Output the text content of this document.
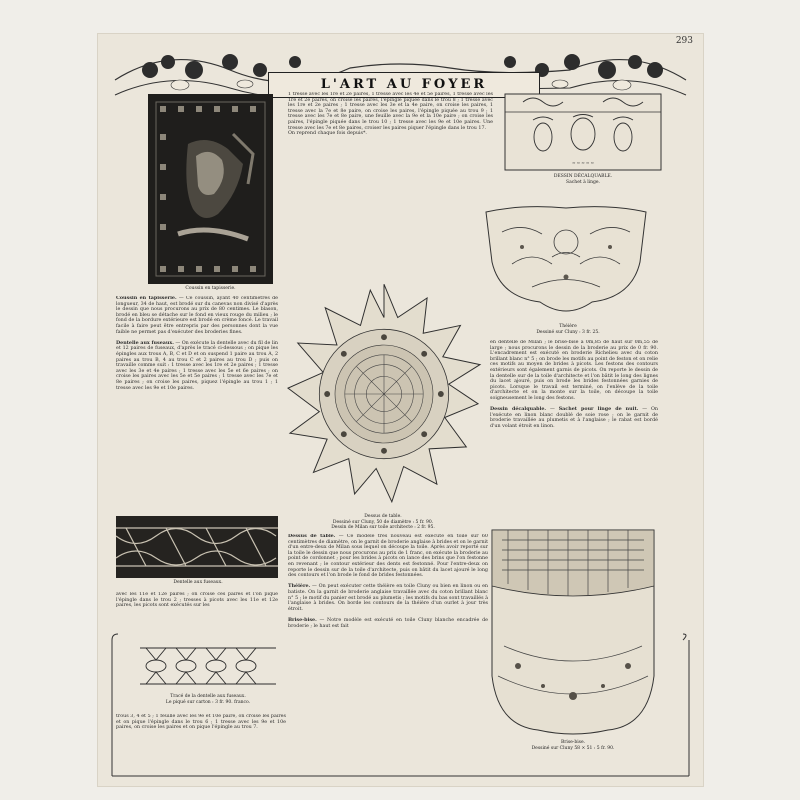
293
L'ART AU FOYER
Coussin en tapisserie.
≈ ≈ ≈ ≈ ≈
DESSIN DÉCALQUABLE.
Sachet à linge.
Théière
Dessiné sur Cluny : 3 fr. 25.
Dessus de table.
Dessiné sur Cluny, 50 de diamètre : 5 fr. 90.
Dessin de Milan sur toile architecte : 2 fr. 95.
Dentelle aux fuseaux.
Tracé de la dentelle aux fuseaux.
Le piqué sur carton : 3 fr. 90. franco.
Brise-bise.
Dessiné sur Cluny 58 × 51 : 5 fr. 90.
Coussin en tapisserie. — Ce coussin, ayant 40 centimètres de longueur, 34 de haut, est brodé sur du canevas non divisé d'après le dessin que nous procurons au prix de 80 centimes. Le blason, brodé en bleu se détache sur le fond en vieux rouge du milieu ; le fond de la bordure extérieure est brodé en crème foncé. Le travail facile à faire peut être entrepris par des personnes dont la vue faible ne permet pas d'exécuter des broderies fines.

Dentelle aux fuseaux. — On exécute la dentelle avec du fil de lin et 12 paires de fuseaux, d'après le tracé ci-dessous ; on pique les épingles aux trous A, B, C et D et on suspend 1 paire au trou A, 2 paires au trou B, 4 au trou C et 2 paires au trou D ; puis on travaille comme suit : 1 tresse avec les 1re et 2e paires ; 1 tresse avec les 3e et 4e paires ; 1 tresse avec les 5e et 6e paires ; on croise les paires avec les 5e et 5e paires ; 1 tresse avec les 7e et 8e paires ; on croise les paires, piquez l'épingle au trou 1 ; 1 tresse avec les 9e et 10e paires.
avec les 11e et 12e paires ; on croise ces paires et l'on pique l'épingle dans le trou 2 ; tresses à picots avec les 11e et 12e paires, les picots sont exécutés sur les
1 tresse avec les 1re et 2e paires, 1 tresse avec les 4e et 5e paires, 1 tresse avec les 1re et 2e paires, on croise les paires, l'épingle piquée dans le trou 8 ; 1 tresse avec les 1re et 2e paires ; 1 tresse avec les 3e et la 4e paire, on croise les paires, 1 tresse avec la 7e et 8e paire, on croise les paires, l'épingle piquée au trou 9 ; 1 tresse avec les 7e et 8e paire, une feuille avec la 9e et la 10e paire ; on croise les paires, l'épingle piquée dans le trou 10 ; 1 tresse avec les 9e et 10e paires. Une tresse avec les 7e et 8e paires, croiser les paires piquer l'épingle dans le trou 17.
On reprend chaque fois depuis*.
Dessus de table. — Ce modèle très nouveau est exécuté en toile sur 60 centimètres de diamètre, on le garnit de broderie anglaise à brides et on le garnit d'un entre-deux de Milan sous lequel on découpe la toile. Après avoir reporté sur la toile le dessin que nous procurons au prix de 1 franc, on exécute la broderie au point de cordonnet ; pour les brides à picots on lance des brins que l'on festonne en revenant ; le contour extérieur des dents est festonné. Pour l'entre-deux on reporte le dessin sur de la toile d'architecte, puis on bâtit du lacet ajouré le long des contours et l'on brode le fond de brides festonnées.

Théière. — On peut exécuter cette théière en toile Cluny ou bien en linon ou en batiste. On la garnit de broderie anglaise travaillée avec du coton brillant blanc n° 5 ; le motif du panier est brodé au plumetis ; les motifs du bas sont travaillés à l'anglaise à brides. On borde les contours de la théière d'un ourlet à jour très étroit.

Brise-bise. — Notre modèle est exécuté en toile Cluny blanche encadrée de broderie ; le haut est fait
en dentelle de Milan ; le brise-bise a 0m,85 de haut sur 0m,55 de large ; nous procurons le dessin de la broderie au prix de 0 fr. 90. L'encadrement est exécuté en broderie Richelieu avec du coton brillant blanc n° 5 ; on brode les motifs au point de feston et on relie ces motifs au moyen de brides à picots. Les festons des contours extérieurs sont également garnis de picots. On reporte le dessin de la dentelle sur de la toile d'architecte et l'on bâtit le long des lignes du lacet ajouré, puis on brode les brides festonnées garnies de picots. Lorsque le travail est terminé, on l'enlève de la toile d'architecte et on la monte sur la toile, on découpe la toile soigneusement le long des festons.

Dessin décalquable. — Sachet pour linge de nuit. — On l'exécute en linon blanc doublé de soie rose ; on le garnit de broderie travaillée au plumetis et à l'anglaise ; le rabat est bordé d'un volant étroit en linon.
trous 3, 4 et 5 ; 1 feuille avec les 9e et 10e paire, on croise les paires et on pique l'épingle dans le trou 6 ; 1 tresse avec les 9e et 10e paires, on croise les paires et on pique l'épingle au trou 7.
